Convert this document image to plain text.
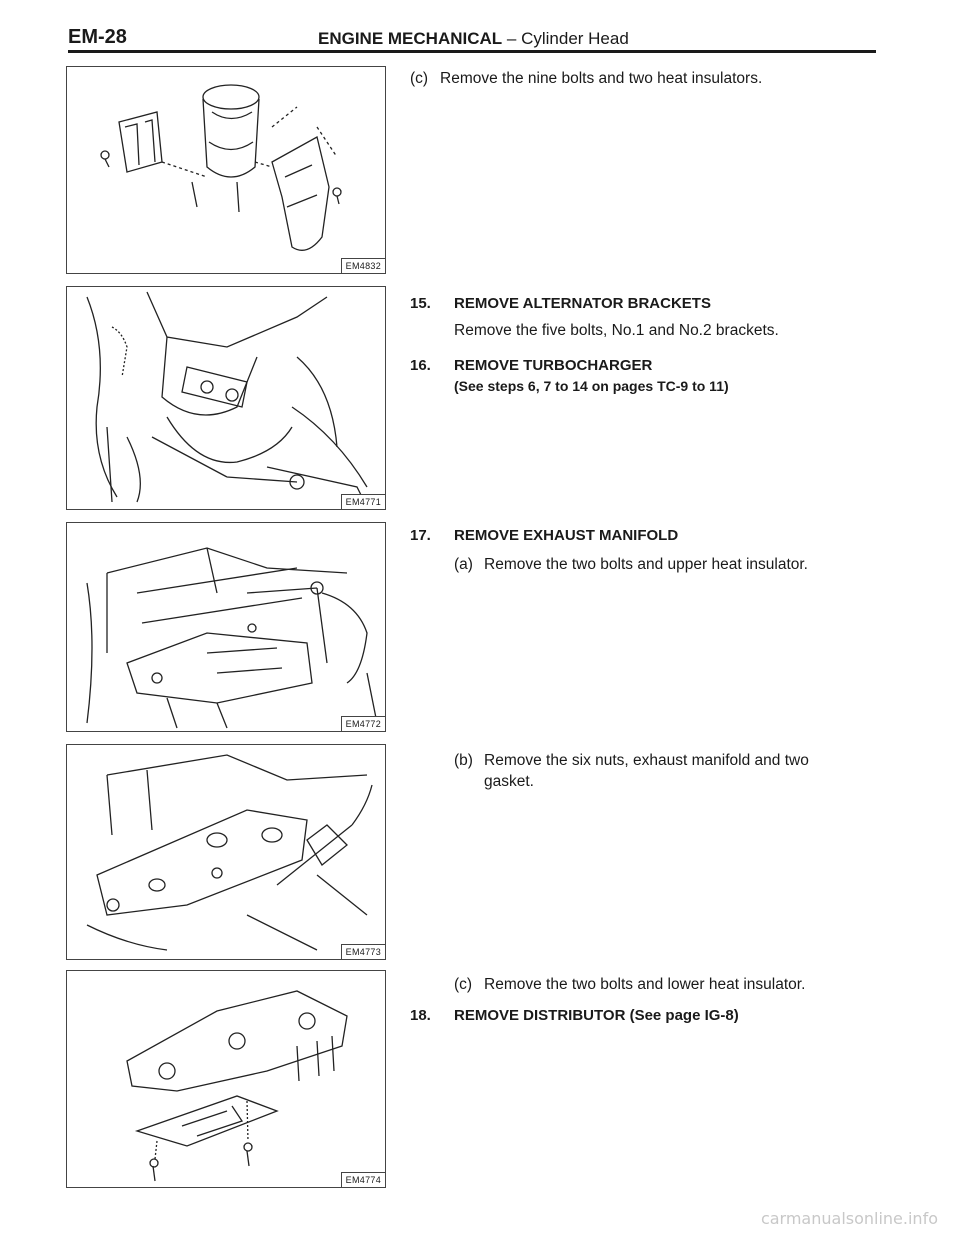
EM-28	ENGINE MECHANICAL – Cylinder Head
EM4832
EM4771
EM4772
EM4773
EM4774
(c) Remove the nine bolts and two heat insulators.
15. REMOVE ALTERNATOR BRACKETS
Remove the five bolts, No.1 and No.2 brackets.
16. REMOVE TURBOCHARGER
(See steps 6, 7 to 14 on pages TC-9 to 11)
17. REMOVE EXHAUST MANIFOLD
(a) Remove the two bolts and upper heat insulator.
(b) Remove the six nuts, exhaust manifold and two
gasket.
(c) Remove the two bolts and lower heat insulator.
18. REMOVE DISTRIBUTOR (See page IG-8)
carmanualsonline.info
